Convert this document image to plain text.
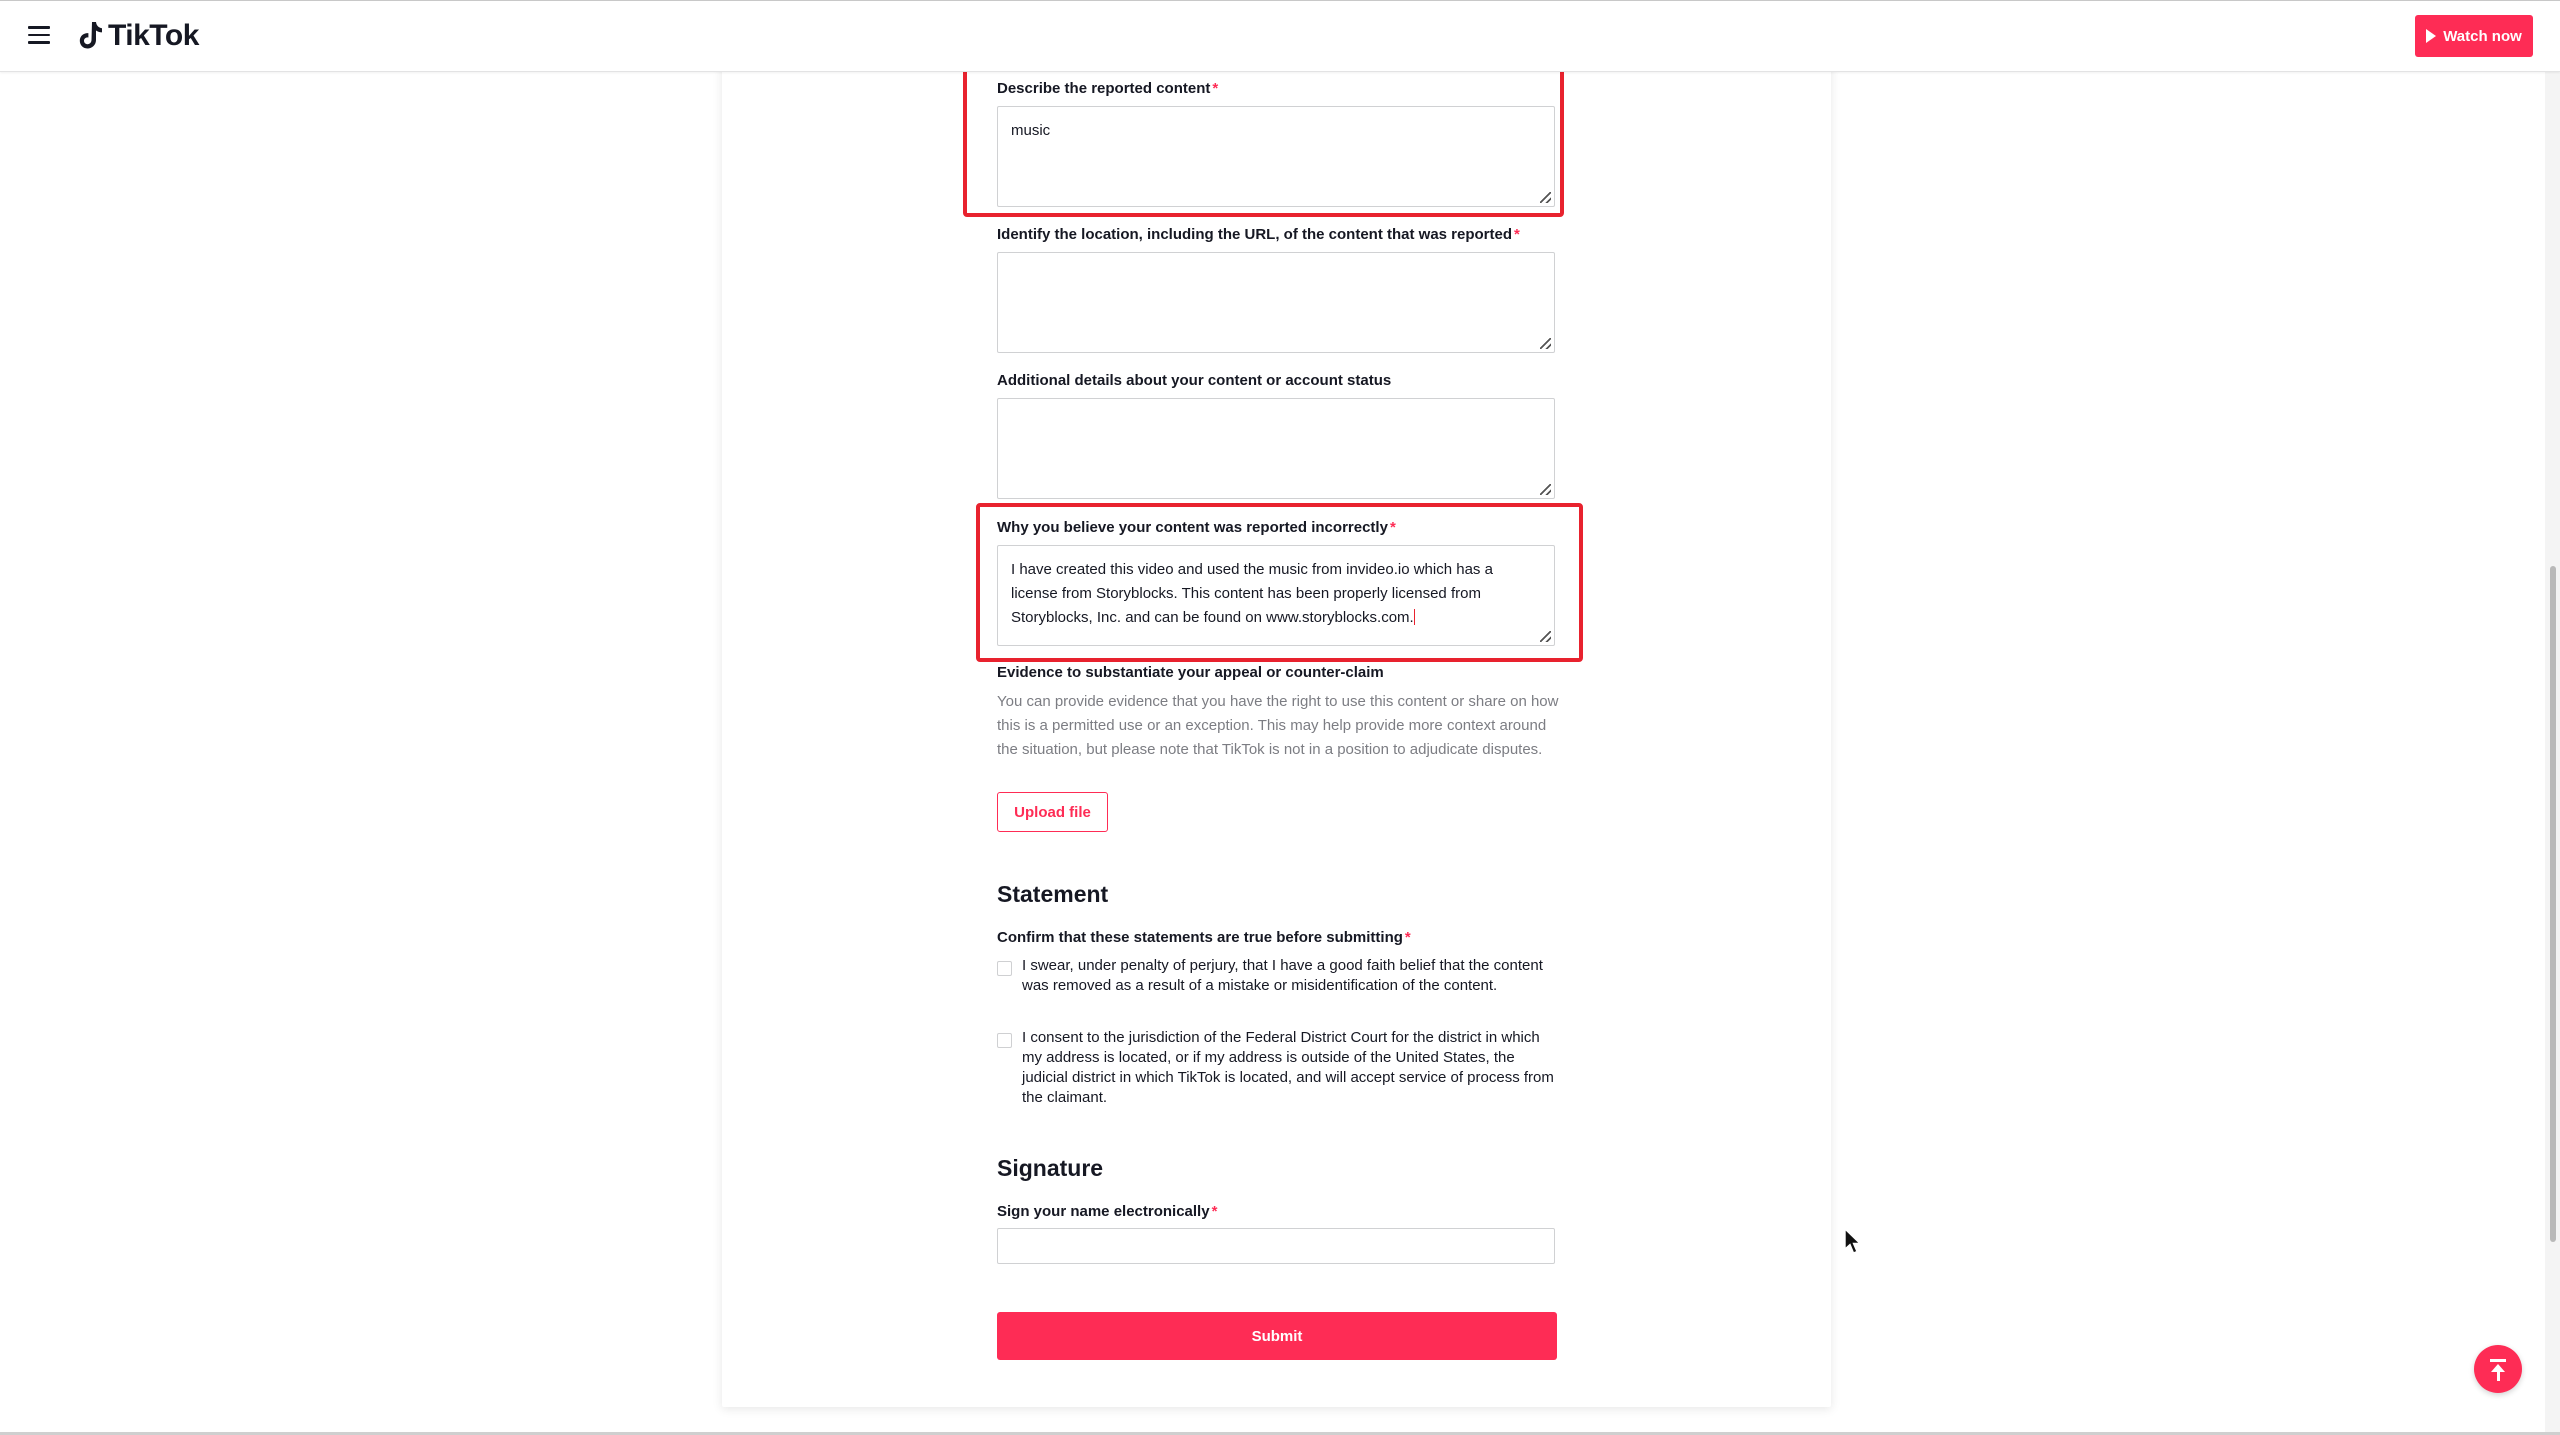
TikTok	Watch now
Describe the reported content *
music
Identify the location, including the URL, of the content that was reported *
Additional details about your content or account status
Why you believe your content was reported incorrectly *
I have created this video and used the music from invideo.io which has a license from Storyblocks. This content has been properly licensed from Storyblocks, Inc. and can be found on www.storyblocks.com.
Evidence to substantiate your appeal or counter-claim
You can provide evidence that you have the right to use this content or share on how this is a permitted use or an exception. This may help provide more context around the situation, but please note that TikTok is not in a position to adjudicate disputes.
Upload file
Statement
Confirm that these statements are true before submitting *
I swear, under penalty of perjury, that I have a good faith belief that the content was removed as a result of a mistake or misidentification of the content.
I consent to the jurisdiction of the Federal District Court for the district in which my address is located, or if my address is outside of the United States, the judicial district in which TikTok is located, and will accept service of process from the claimant.
Signature
Sign your name electronically *
Submit
